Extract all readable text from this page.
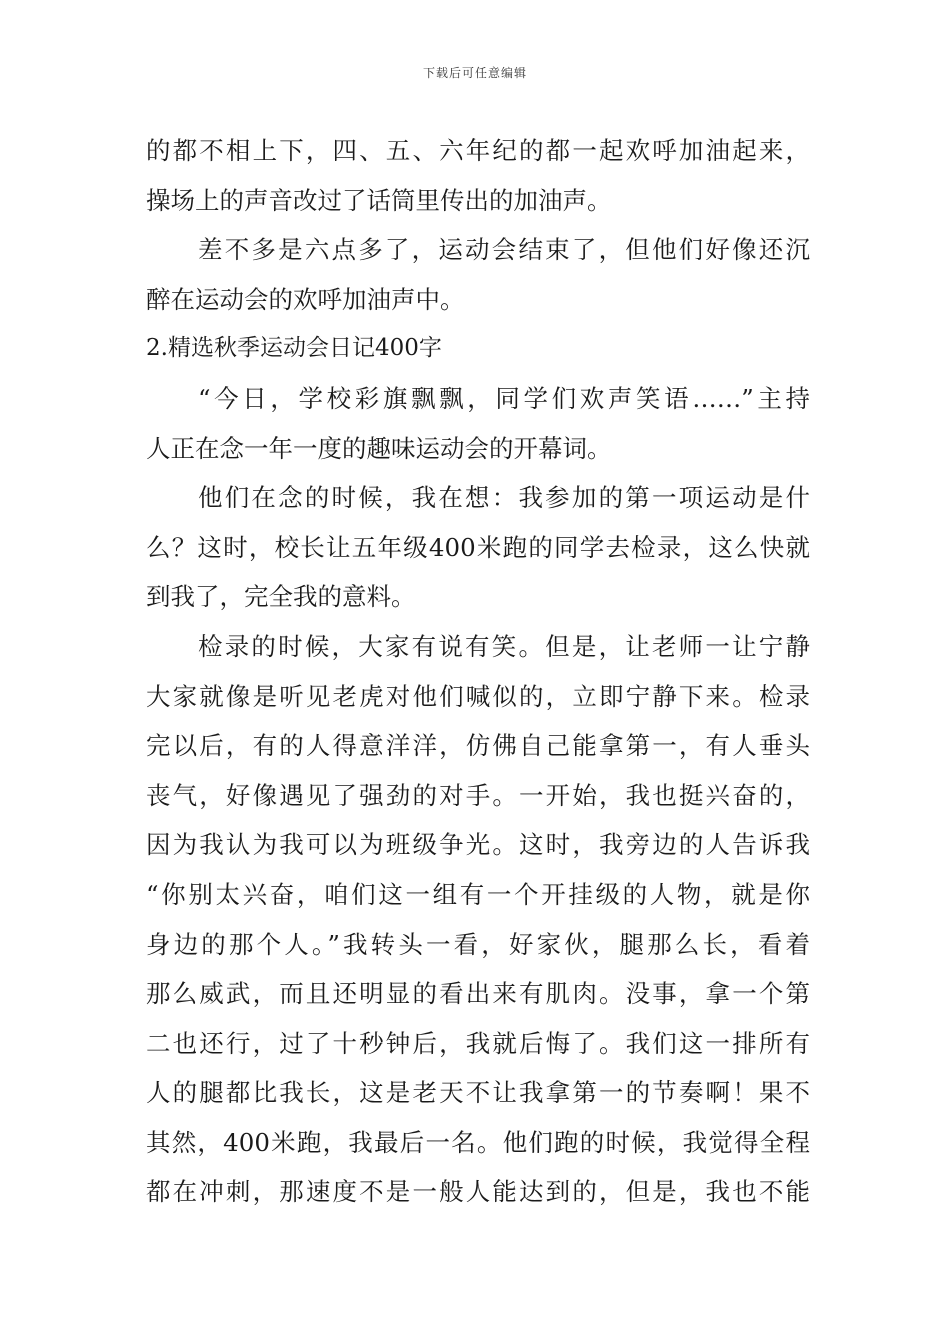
下载后可任意编辑
的都不相上下，四、五、六年纪的都一起欢呼加油起来，
操场上的声音改过了话筒里传出的加油声。
差不多是六点多了，运动会结束了，但他们好像还沉
醉在运动会的欢呼加油声中。
2.精选秋季运动会日记400字
“今日，学校彩旗飘飘，同学们欢声笑语……”主持
人正在念一年一度的趣味运动会的开幕词。
他们在念的时候，我在想：我参加的第一项运动是什
么？这时，校长让五年级400米跑的同学去检录，这么快就
到我了，完全我的意料。
检录的时候，大家有说有笑。但是，让老师一让宁静
大家就像是听见老虎对他们喊似的，立即宁静下来。检录
完以后，有的人得意洋洋，仿佛自己能拿第一，有人垂头
丧气，好像遇见了强劲的对手。一开始，我也挺兴奋的，
因为我认为我可以为班级争光。这时，我旁边的人告诉我
“你别太兴奋，咱们这一组有一个开挂级的人物，就是你
身边的那个人。”我转头一看，好家伙，腿那么长，看着
那么威武，而且还明显的看出来有肌肉。没事，拿一个第
二也还行，过了十秒钟后，我就后悔了。我们这一排所有
人的腿都比我长，这是老天不让我拿第一的节奏啊！果不
其然，400米跑，我最后一名。他们跑的时候，我觉得全程
都在冲刺，那速度不是一般人能达到的，但是，我也不能
